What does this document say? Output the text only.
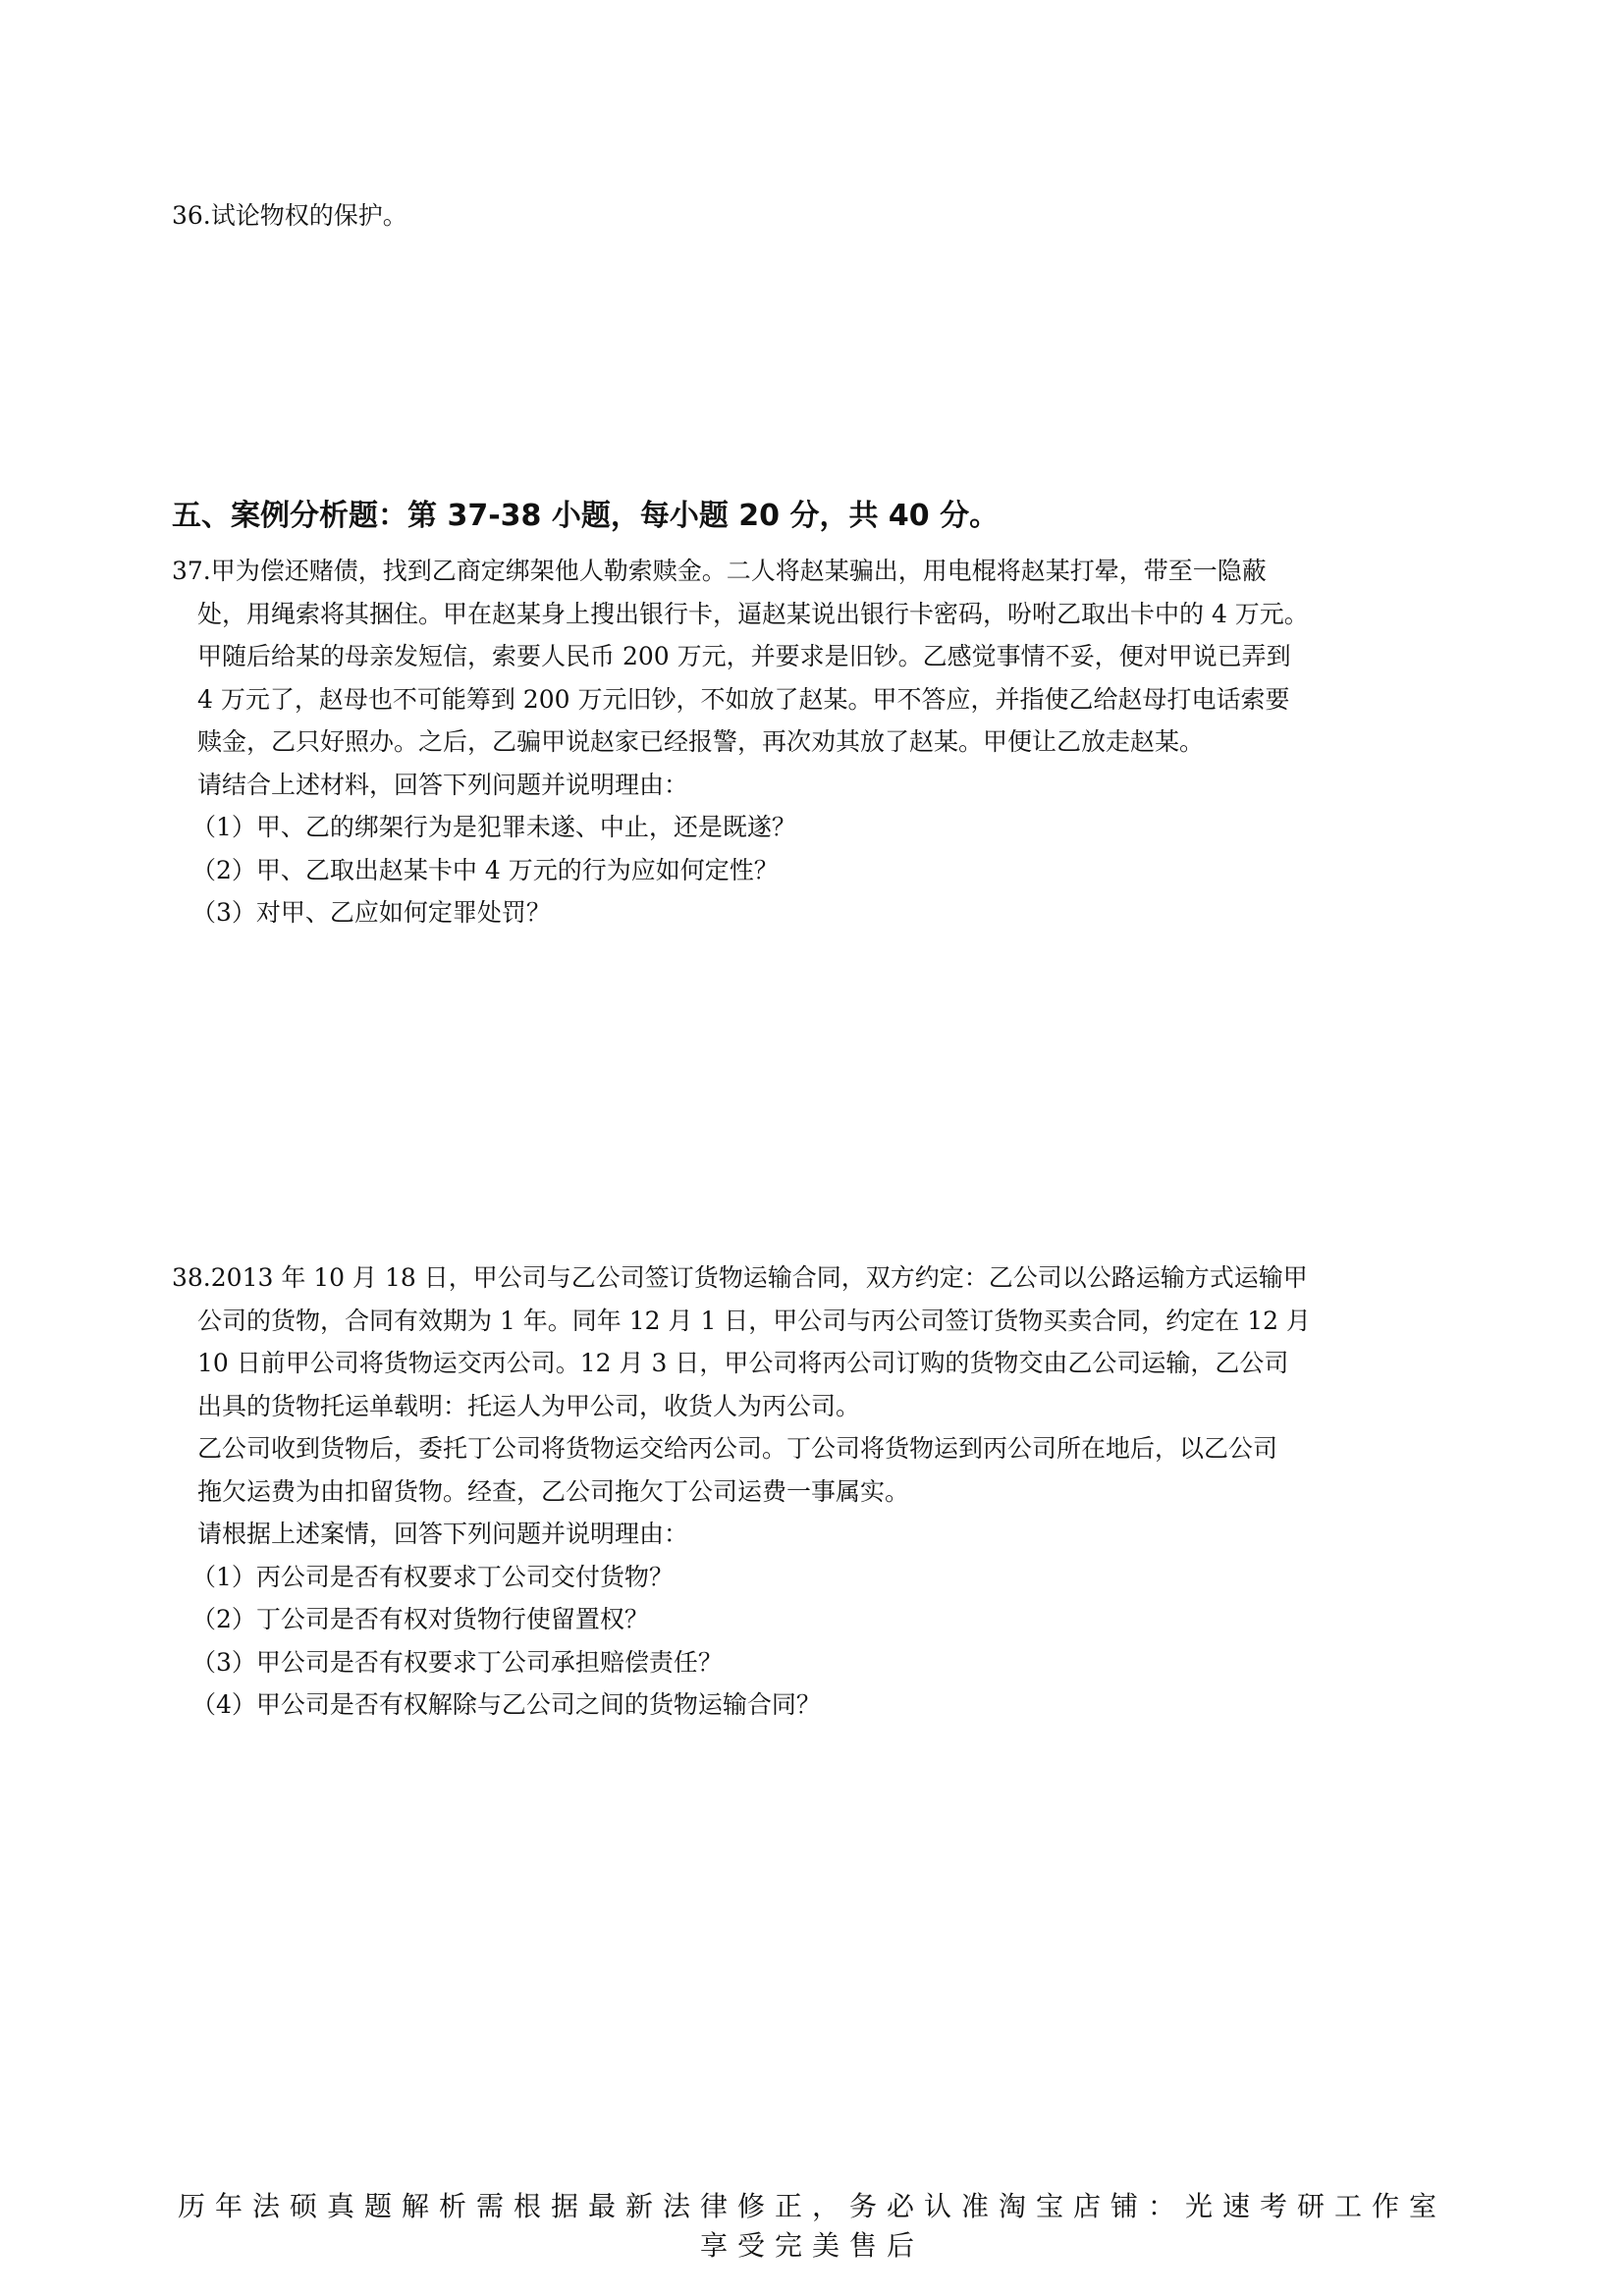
36.试论物权的保护。
五、案例分析题：第 37-38 小题，每小题 20 分，共 40 分。
37.甲为偿还赌债，找到乙商定绑架他人勒索赎金。二人将赵某骗出，用电棍将赵某打晕，带至一隐蔽
处，用绳索将其捆住。甲在赵某身上搜出银行卡，逼赵某说出银行卡密码，吩咐乙取出卡中的 4 万元。
甲随后给某的母亲发短信，索要人民币 200 万元，并要求是旧钞。乙感觉事情不妥，便对甲说已弄到
4 万元了，赵母也不可能筹到 200 万元旧钞，不如放了赵某。甲不答应，并指使乙给赵母打电话索要
赎金，乙只好照办。之后，乙骗甲说赵家已经报警，再次劝其放了赵某。甲便让乙放走赵某。
请结合上述材料，回答下列问题并说明理由：
（1）甲、乙的绑架行为是犯罪未遂、中止，还是既遂？
（2）甲、乙取出赵某卡中 4 万元的行为应如何定性？
（3）对甲、乙应如何定罪处罚？
38.2013 年 10 月 18 日，甲公司与乙公司签订货物运输合同，双方约定：乙公司以公路运输方式运输甲
公司的货物，合同有效期为 1 年。同年 12 月 1 日，甲公司与丙公司签订货物买卖合同，约定在 12 月
10 日前甲公司将货物运交丙公司。12 月 3 日，甲公司将丙公司订购的货物交由乙公司运输，乙公司
出具的货物托运单载明：托运人为甲公司，收货人为丙公司。
乙公司收到货物后，委托丁公司将货物运交给丙公司。丁公司将货物运到丙公司所在地后，以乙公司
拖欠运费为由扣留货物。经查，乙公司拖欠丁公司运费一事属实。
请根据上述案情，回答下列问题并说明理由：
（1）丙公司是否有权要求丁公司交付货物？
（2）丁公司是否有权对货物行使留置权？
（3）甲公司是否有权要求丁公司承担赔偿责任？
（4）甲公司是否有权解除与乙公司之间的货物运输合同？
历年法硕真题解析需根据最新法律修正，务必认准淘宝店铺：光速考研工作室
享受完美售后
